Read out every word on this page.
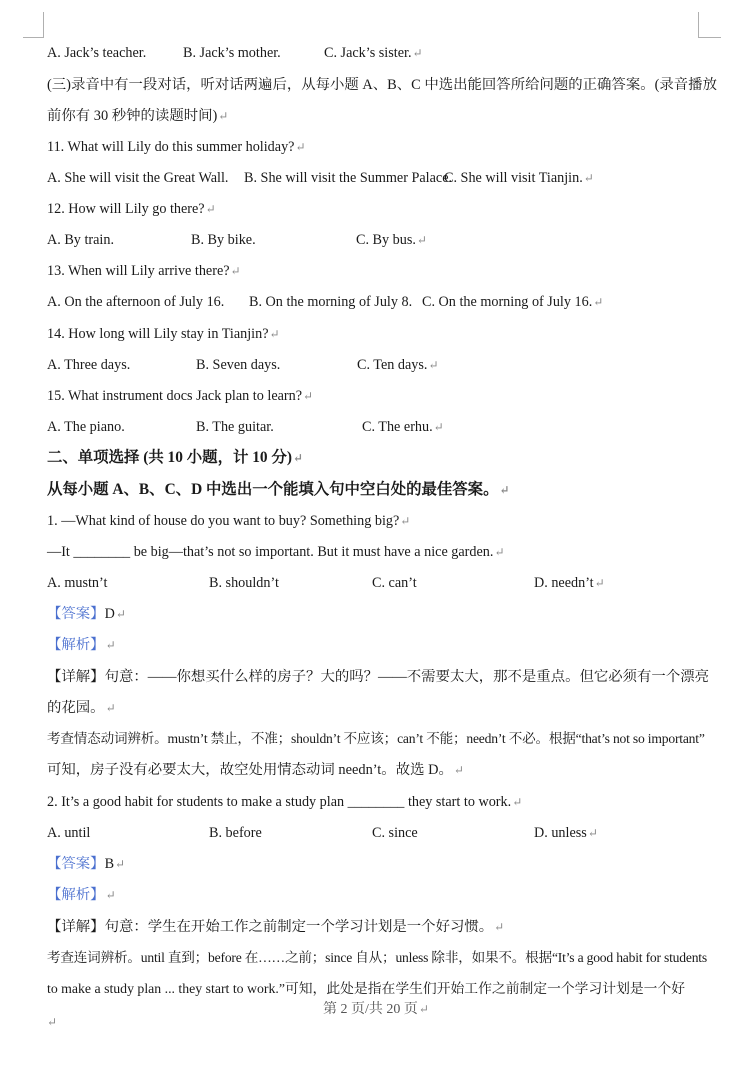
A. Jack’s teacher.	B. Jack’s mother.	C. Jack’s sister.↵
(三)录音中有一段对话，听对话两遍后，从每小题 A、B、C 中选出能回答所给问题的正确答案。(录音播放
前你有 30 秒钟的读题时间)↵
11. What will Lily do this summer holiday?↵
A. She will visit the Great Wall. B. She will visit the Summer Palace.
C. She will visit Tianjin.↵
12. How will Lily go there?↵
A. By train.	B. By bike.	C. By bus.↵
13. When will Lily arrive there?↵
A. On the afternoon of July 16. B. On the morning of July 8. C. On the morning of July 16.↵
14. How long will Lily stay in Tianjin?↵
A. Three days.	B. Seven days.	C. Ten days.↵
15. What instrument docs Jack plan to learn?↵
A. The piano.	B. The guitar.	C. The erhu.↵
二、单项选择 (共 10 小题，计 10 分)↵
从每小题 A、B、C、D 中选出一个能填入句中空白处的最佳答案。↵
1. —What kind of house do you want to buy? Something big?↵
—It ________ be big—that’s not so important. But it must have a nice garden.↵
A. mustn’t	B. shouldn’t	C. can’t	D. needn’t↵
【答案】D↵
【解析】↵
【详解】句意：——你想买什么样的房子？大的吗？——不需要太大，那不是重点。但它必须有一个漂亮
的花园。↵
考查情态动词辨析。mustn’t 禁止，不准；shouldn’t 不应该；can’t 不能；needn’t 不必。根据“that’s not so important”
可知，房子没有必要太大，故空处用情态动词 needn’t。故选 D。↵
2. It’s a good habit for students to make a study plan ________ they start to work.↵
A. until	B. before	C. since	D. unless↵
【答案】B↵
【解析】↵
【详解】句意：学生在开始工作之前制定一个学习计划是一个好习惯。↵
考查连词辨析。until 直到；before 在……之前；since 自从；unless 除非，如果不。根据“It’s a good habit for students
to make a study plan ... they start to work.”可知，此处是指在学生们开始工作之前制定一个学习计划是一个好
第 2 页/共 20 页↵
↵
